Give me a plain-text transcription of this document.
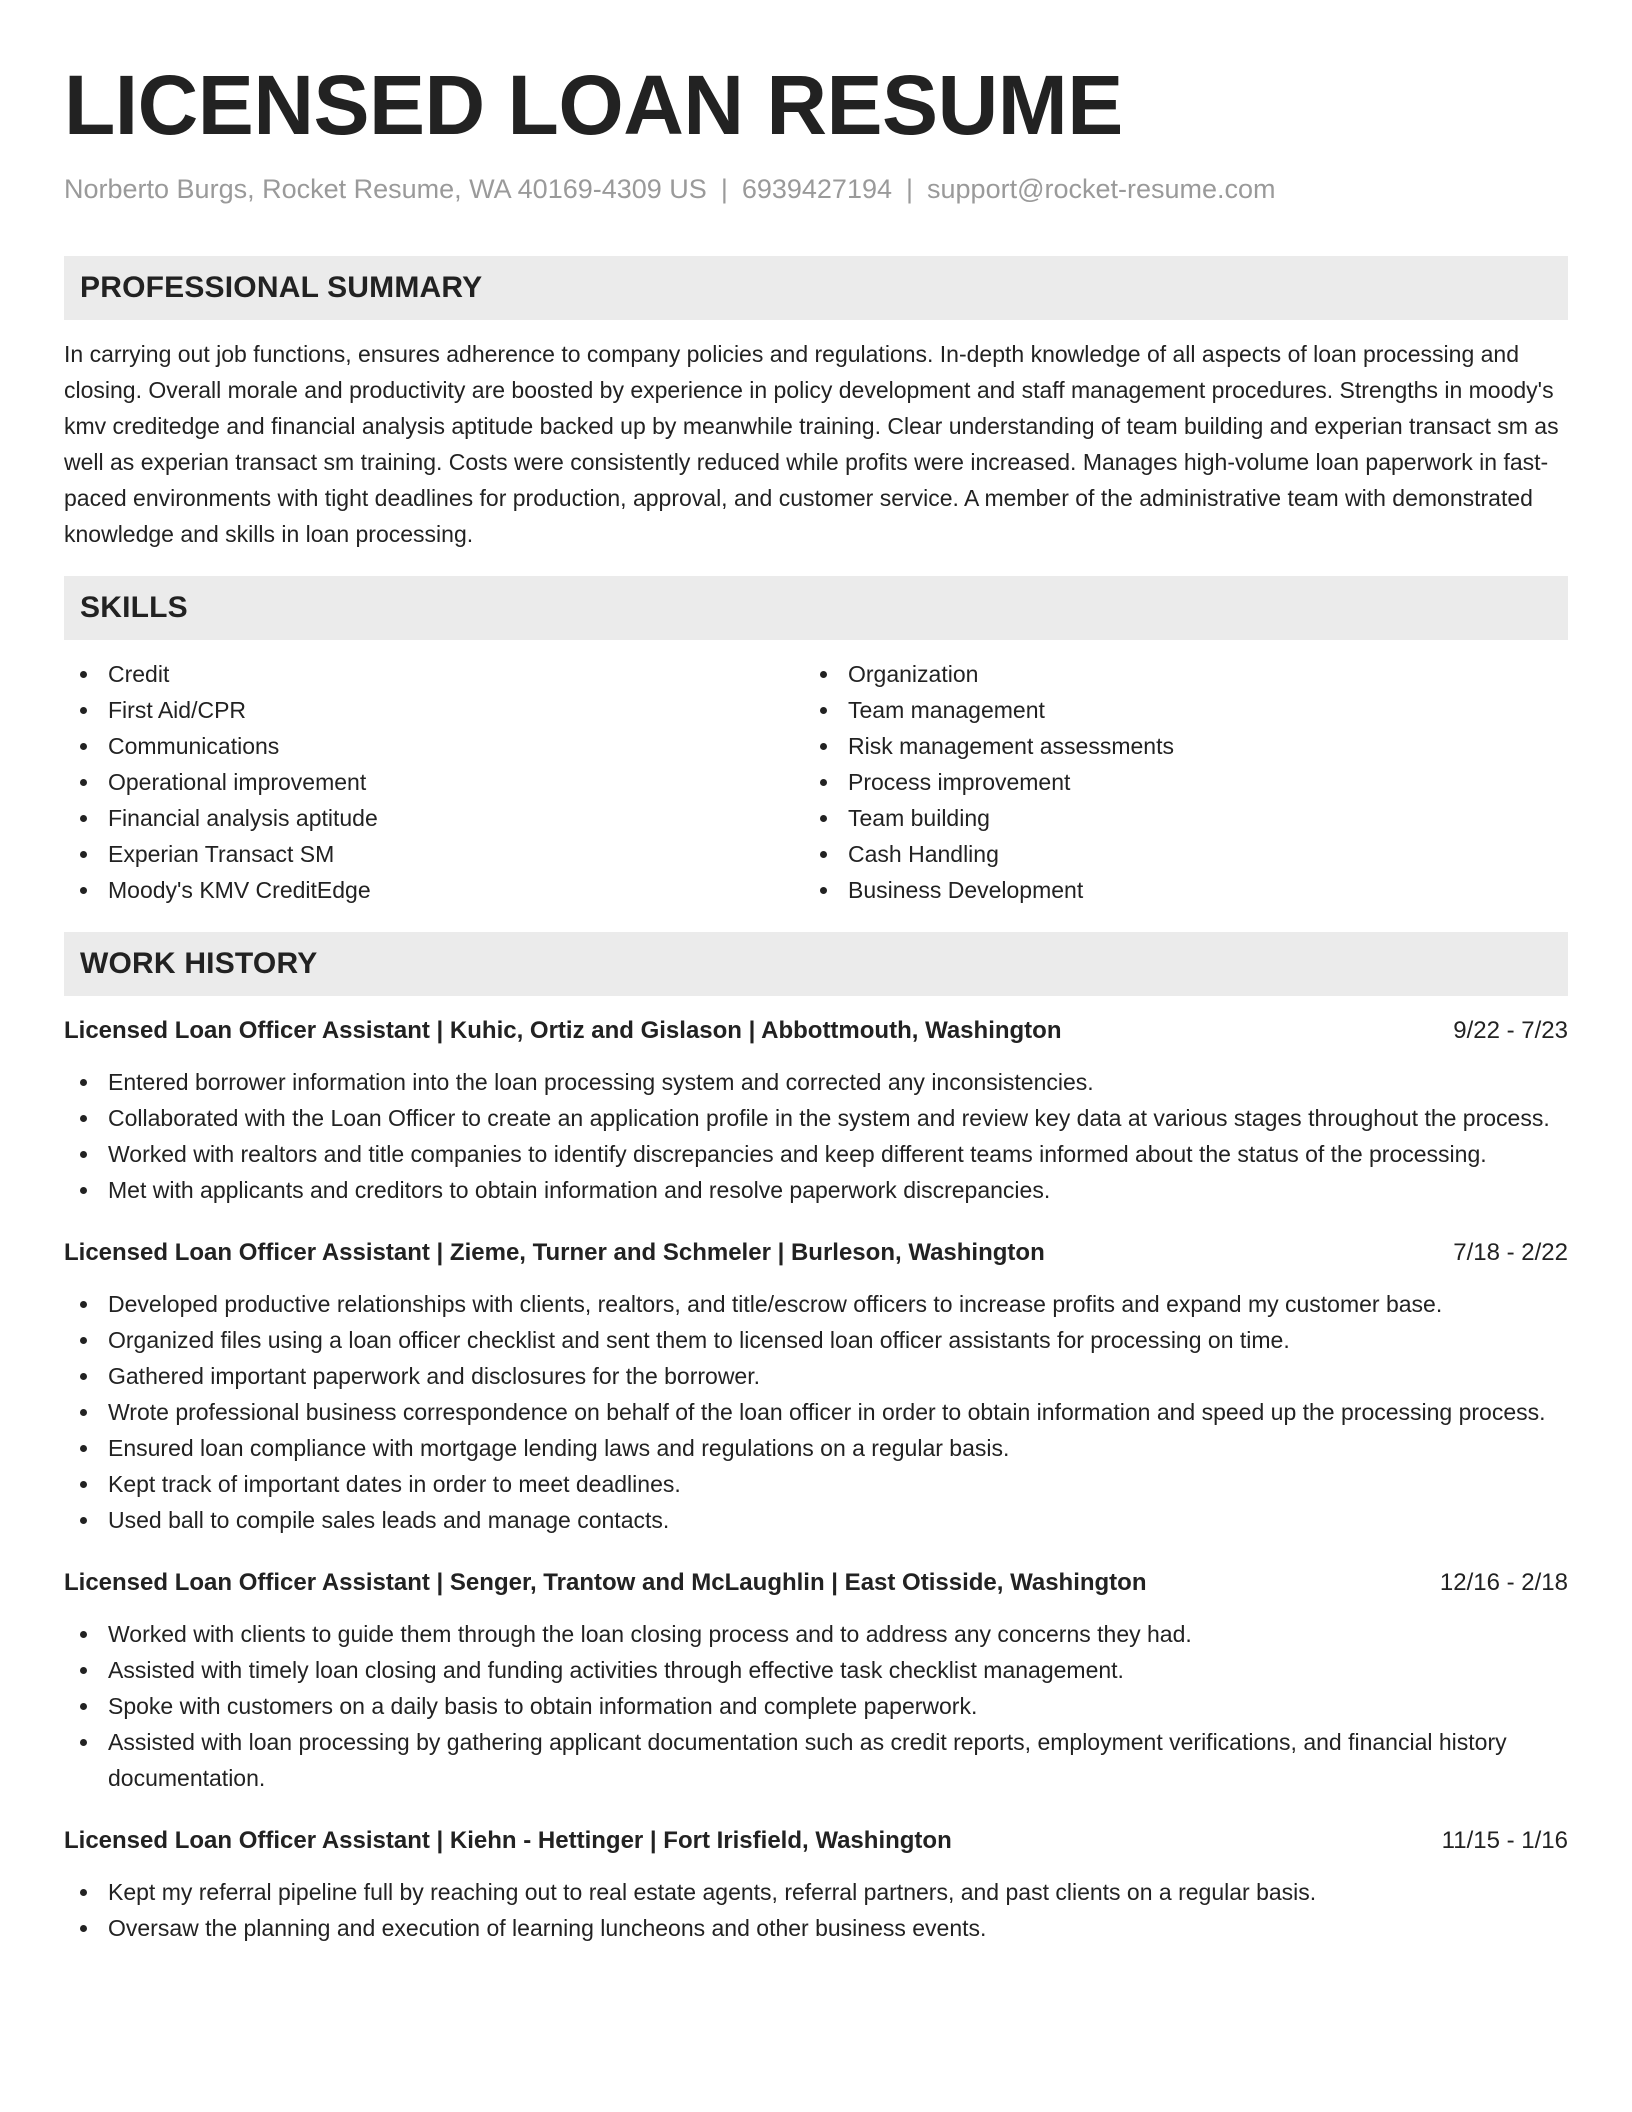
LICENSED LOAN RESUME
Norberto Burgs, Rocket Resume, WA 40169-4309 US | 6939427194 | support@rocket-resume.com
PROFESSIONAL SUMMARY

In carrying out job functions, ensures adherence to company policies and regulations. In-depth knowledge of all aspects of loan processing and closing. Overall morale and productivity are boosted by experience in policy development and staff management procedures. Strengths in moody's kmv creditedge and financial analysis aptitude backed up by meanwhile training. Clear understanding of team building and experian transact sm as well as experian transact sm training. Costs were consistently reduced while profits were increased. Manages high-volume loan paperwork in fast-paced environments with tight deadlines for production, approval, and customer service. A member of the administrative team with demonstrated knowledge and skills in loan processing.

SKILLS
Credit
First Aid/CPR
Communications
Operational improvement
Financial analysis aptitude
Experian Transact SM
Moody's KMV CreditEdge
Organization
Team management
Risk management assessments
Process improvement
Team building
Cash Handling
Business Development
WORK HISTORY
Licensed Loan Officer Assistant | Kuhic, Ortiz and Gislason | Abbottmouth, Washington	9/22 - 7/23
Entered borrower information into the loan processing system and corrected any inconsistencies.
Collaborated with the Loan Officer to create an application profile in the system and review key data at various stages throughout the process.
Worked with realtors and title companies to identify discrepancies and keep different teams informed about the status of the processing.
Met with applicants and creditors to obtain information and resolve paperwork discrepancies.
Licensed Loan Officer Assistant | Zieme, Turner and Schmeler | Burleson, Washington	7/18 - 2/22
Developed productive relationships with clients, realtors, and title/escrow officers to increase profits and expand my customer base.
Organized files using a loan officer checklist and sent them to licensed loan officer assistants for processing on time.
Gathered important paperwork and disclosures for the borrower.
Wrote professional business correspondence on behalf of the loan officer in order to obtain information and speed up the processing process.
Ensured loan compliance with mortgage lending laws and regulations on a regular basis.
Kept track of important dates in order to meet deadlines.
Used ball to compile sales leads and manage contacts.
Licensed Loan Officer Assistant | Senger, Trantow and McLaughlin | East Otisside, Washington	12/16 - 2/18
Worked with clients to guide them through the loan closing process and to address any concerns they had.
Assisted with timely loan closing and funding activities through effective task checklist management.
Spoke with customers on a daily basis to obtain information and complete paperwork.
Assisted with loan processing by gathering applicant documentation such as credit reports, employment verifications, and financial history documentation.
Licensed Loan Officer Assistant | Kiehn - Hettinger | Fort Irisfield, Washington	11/15 - 1/16
Kept my referral pipeline full by reaching out to real estate agents, referral partners, and past clients on a regular basis.
Oversaw the planning and execution of learning luncheons and other business events.
